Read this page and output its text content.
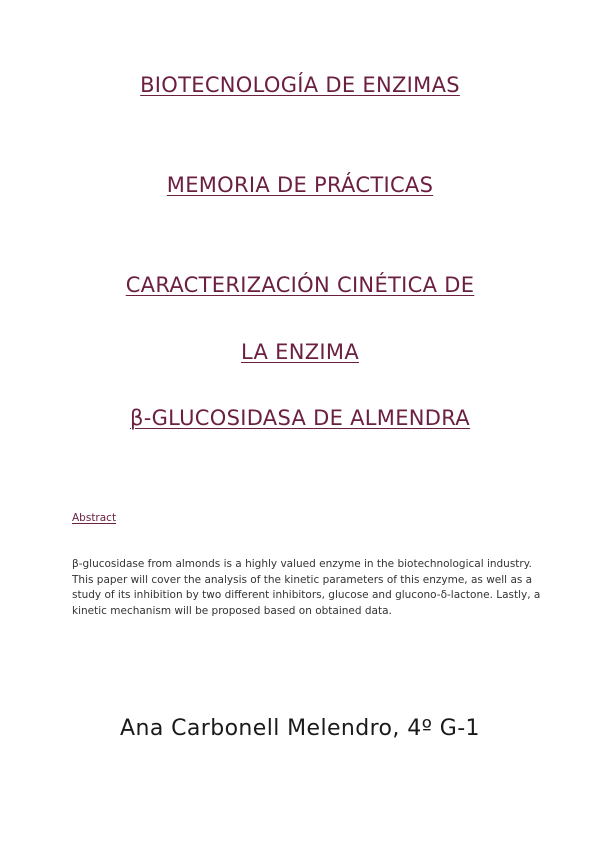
BIOTECNOLOGÍA DE ENZIMAS
MEMORIA DE PRÁCTICAS
CARACTERIZACIÓN CINÉTICA DE
LA ENZIMA
β-GLUCOSIDASA DE ALMENDRA
Abstract
β-glucosidase from almonds is a highly valued enzyme in the biotechnological industry. This paper will cover the analysis of the kinetic parameters of this enzyme, as well as a study of its inhibition by two different inhibitors, glucose and glucono-δ-lactone. Lastly, a kinetic mechanism will be proposed based on obtained data.
Ana Carbonell Melendro, 4º G-1
